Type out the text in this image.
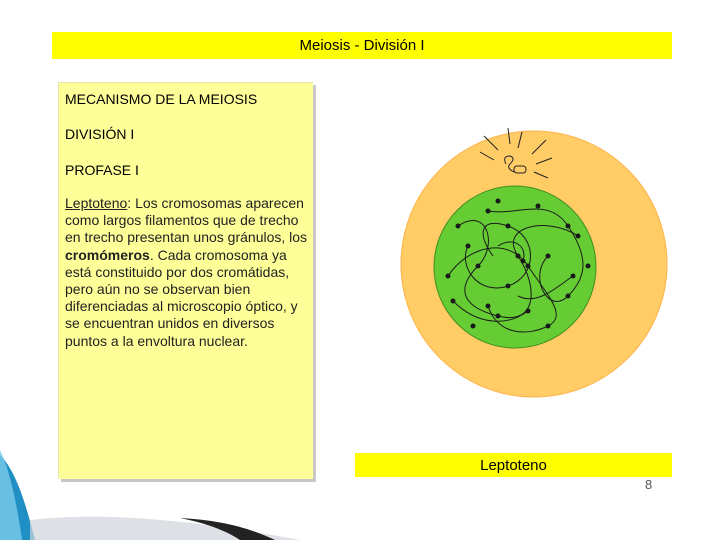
Meiosis - División I
MECANISMO DE LA MEIOSIS
DIVISIÓN I
PROFASE I
Leptoteno: Los cromosomas aparecen como largos filamentos que de trecho en trecho presentan unos gránulos, los cromómeros. Cada cromosoma ya está constituido por dos cromátidas, pero aún no se observan bien diferenciadas al microscopio óptico, y se encuentran unidos en diversos puntos a la envoltura nuclear.
Leptoteno
8
